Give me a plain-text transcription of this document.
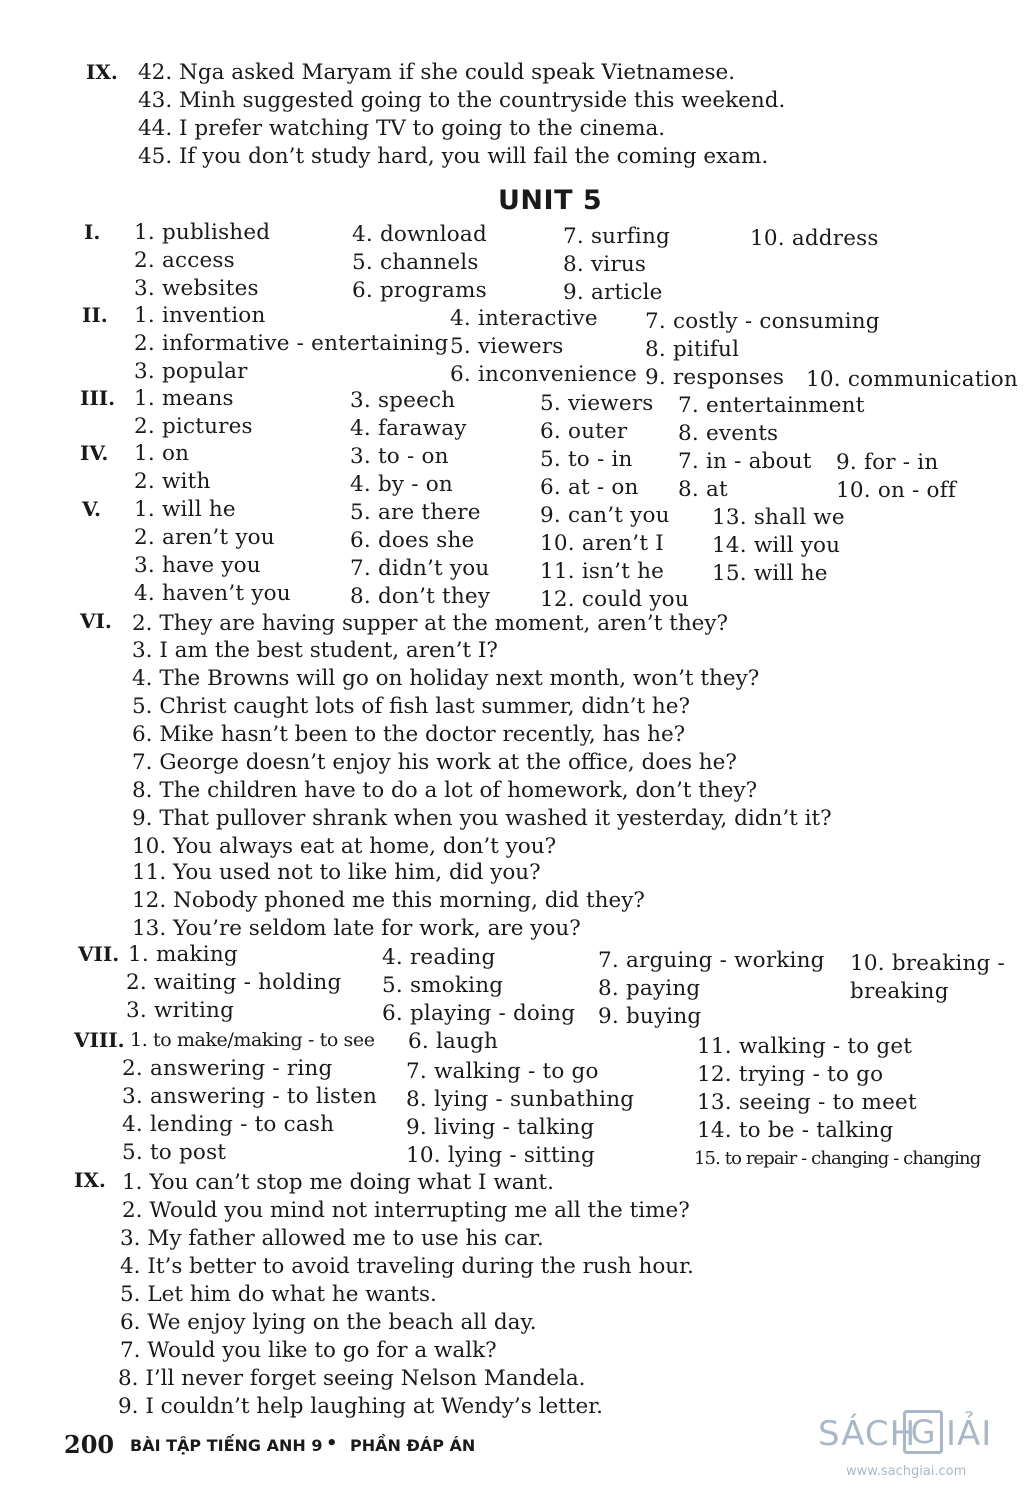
IX. 42. Nga asked Maryam if she could speak Vietnamese.
43. Minh suggested going to the countryside this weekend.
44. I prefer watching TV to going to the cinema.
45. If you don’t study hard, you will fail the coming exam.
UNIT 5
I. 1. published	4. download	7. surfing	10. address
2. access	5. channels	8. virus
3. websites	6. programs	9. article
II. 1. invention	4. interactive 7. costly - consuming
2. informative - entertaining 5. viewers	8. pitiful
3. popular	6. inconvenience 9. responses 10. communication
III. 1. means	3. speech	5. viewers 7. entertainment
2. pictures	4. faraway	6. outer 8. events
IV. 1. on	3. to - on	5. to - in 7. in - about 9. for - in
2. with	4. by - on	6. at - on 8. at	10. on - off
V. 1. will he	5. are there	9. can’t you 13. shall we
2. aren’t you	6. does she	10. aren’t I 14. will you
3. have you	7. didn’t you 11. isn’t he 15. will he
4. haven’t you	8. don’t they 12. could you
VI. 2. They are having supper at the moment, aren’t they?
3. I am the best student, aren’t I?
4. The Browns will go on holiday next month, won’t they?
5. Christ caught lots of fish last summer, didn’t he?
6. Mike hasn’t been to the doctor recently, has he?
7. George doesn’t enjoy his work at the office, does he?
8. The children have to do a lot of homework, don’t they?
9. That pullover shrank when you washed it yesterday, didn’t it?
10. You always eat at home, don’t you?
11. You used not to like him, did you?
12. Nobody phoned me this morning, did they?
13. You’re seldom late for work, are you?
VII. 1. making	4. reading	7. arguing - working 10. breaking -
2. waiting - holding 5. smoking	8. paying	breaking
3. writing	6. playing - doing 9. buying
VIII. 1. to make/making - to see 6. laugh	11. walking - to get
2. answering - ring	7. walking - to go	12. trying - to go
3. answering - to listen 8. lying - sunbathing	13. seeing - to meet
4. lending - to cash	9. living - talking	14. to be - talking
5. to post	10. lying - sitting	15. to repair - changing - changing
IX. 1. You can’t stop me doing what I want.
2. Would you mind not interrupting me all the time?
3. My father allowed me to use his car.
4. It’s better to avoid traveling during the rush hour.
5. Let him do what he wants.
6. We enjoy lying on the beach all day.
7. Would you like to go for a walk?
8. I’ll never forget seeing Nelson Mandela.
9. I couldn’t help laughing at Wendy’s letter.
200 BÀI TẬP TIẾNG ANH 9 • PHẦN ĐÁP ÁN	SÁCH
G IẢI
www.sachgiai.com
